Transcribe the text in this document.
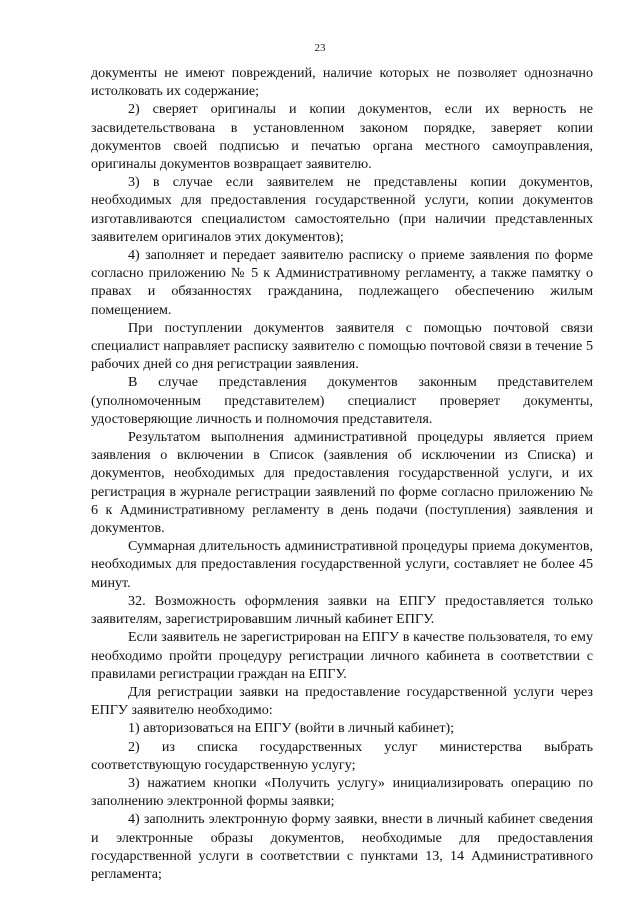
23

документы не имеют повреждений, наличие которых не позволяет однозначно истолковать их содержание;

2) сверяет оригиналы и копии документов, если их верность не засвидетельствована в установленном законом порядке, заверяет копии документов своей подписью и печатью органа местного самоуправления, оригиналы документов возвращает заявителю.

3) в случае если заявителем не представлены копии документов, необходимых для предоставления государственной услуги, копии документов изготавливаются специалистом самостоятельно (при наличии представленных заявителем оригиналов этих документов);

4) заполняет и передает заявителю расписку о приеме заявления по форме согласно приложению № 5 к Административному регламенту, а также памятку о правах и обязанностях гражданина, подлежащего обеспечению жилым помещением.

При поступлении документов заявителя с помощью почтовой связи специалист направляет расписку заявителю с помощью почтовой связи в течение 5 рабочих дней со дня регистрации заявления.

В случае представления документов законным представителем (уполномоченным представителем) специалист проверяет документы, удостоверяющие личность и полномочия представителя.

Результатом выполнения административной процедуры является прием заявления о включении в Список (заявления об исключении из Списка) и документов, необходимых для предоставления государственной услуги, и их регистрация в журнале регистрации заявлений по форме согласно приложению № 6 к Административному регламенту в день подачи (поступления) заявления и документов.

Суммарная длительность административной процедуры приема документов, необходимых для предоставления государственной услуги, составляет не более 45 минут.

32. Возможность оформления заявки на ЕПГУ предоставляется только заявителям, зарегистрировавшим личный кабинет ЕПГУ.

Если заявитель не зарегистрирован на ЕПГУ в качестве пользователя, то ему необходимо пройти процедуру регистрации личного кабинета в соответствии с правилами регистрации граждан на ЕПГУ.

Для регистрации заявки на предоставление государственной услуги через ЕПГУ заявителю необходимо:

1) авторизоваться на ЕПГУ (войти в личный кабинет);

2) из списка государственных услуг министерства выбрать соответствующую государственную услугу;

3) нажатием кнопки «Получить услугу» инициализировать операцию по заполнению электронной формы заявки;

4) заполнить электронную форму заявки, внести в личный кабинет сведения и электронные образы документов, необходимые для предоставления государственной услуги в соответствии с пунктами 13, 14 Административного регламента;
